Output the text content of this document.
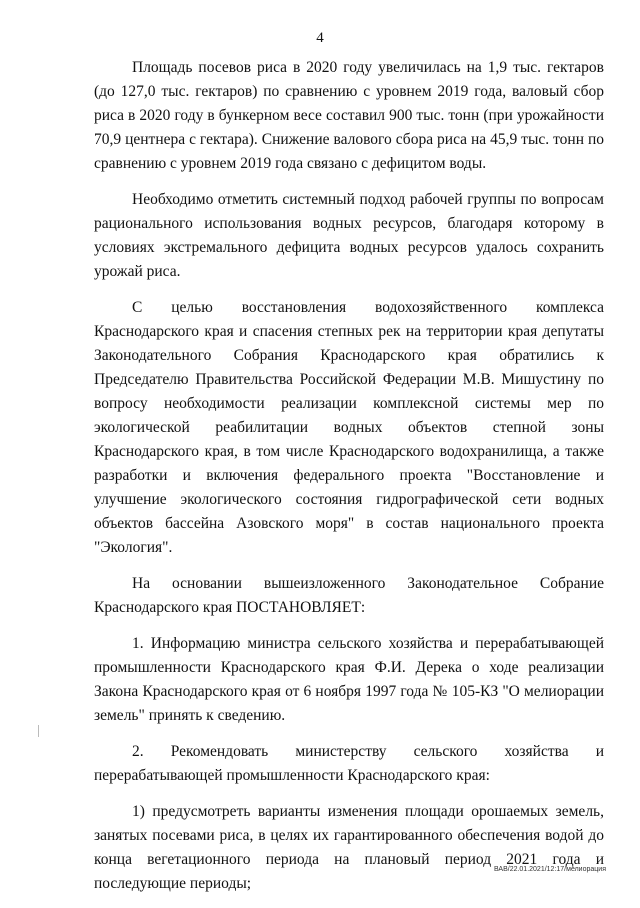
4

Площадь посевов риса в 2020 году увеличилась на 1,9 тыс. гектаров (до 127,0 тыс. гектаров) по сравнению с уровнем 2019 года, валовый сбор риса в 2020 году в бункерном весе составил 900 тыс. тонн (при урожайности 70,9 центнера с гектара). Снижение валового сбора риса на 45,9 тыс. тонн по сравнению с уровнем 2019 года связано с дефицитом воды.

Необходимо отметить системный подход рабочей группы по вопросам рационального использования водных ресурсов, благодаря которому в условиях экстремального дефицита водных ресурсов удалось сохранить урожай риса.

С целью восстановления водохозяйственного комплекса Краснодарского края и спасения степных рек на территории края депутаты Законодательного Собрания Краснодарского края обратились к Председателю Правительства Российской Федерации М.В. Мишустину по вопросу необходимости реализации комплексной системы мер по экологической реабилитации водных объектов степной зоны Краснодарского края, в том числе Краснодарского водохранилища, а также разработки и включения федерального проекта "Восстановление и улучшение экологического состояния гидрографической сети водных объектов бассейна Азовского моря" в состав национального проекта "Экология".

На основании вышеизложенного Законодательное Собрание Краснодарского края ПОСТАНОВЛЯЕТ:

1. Информацию министра сельского хозяйства и перерабатывающей промышленности Краснодарского края Ф.И. Дерека о ходе реализации Закона Краснодарского края от 6 ноября 1997 года № 105-КЗ "О мелиорации земель" принять к сведению.

2. Рекомендовать министерству сельского хозяйства и перерабатывающей промышленности Краснодарского края:

1) предусмотреть варианты изменения площади орошаемых земель, занятых посевами риса, в целях их гарантированного обеспечения водой до конца вегетационного периода на плановый период 2021 года и последующие периоды;

ВАВ/22.01.2021/12:17/мелиорация
